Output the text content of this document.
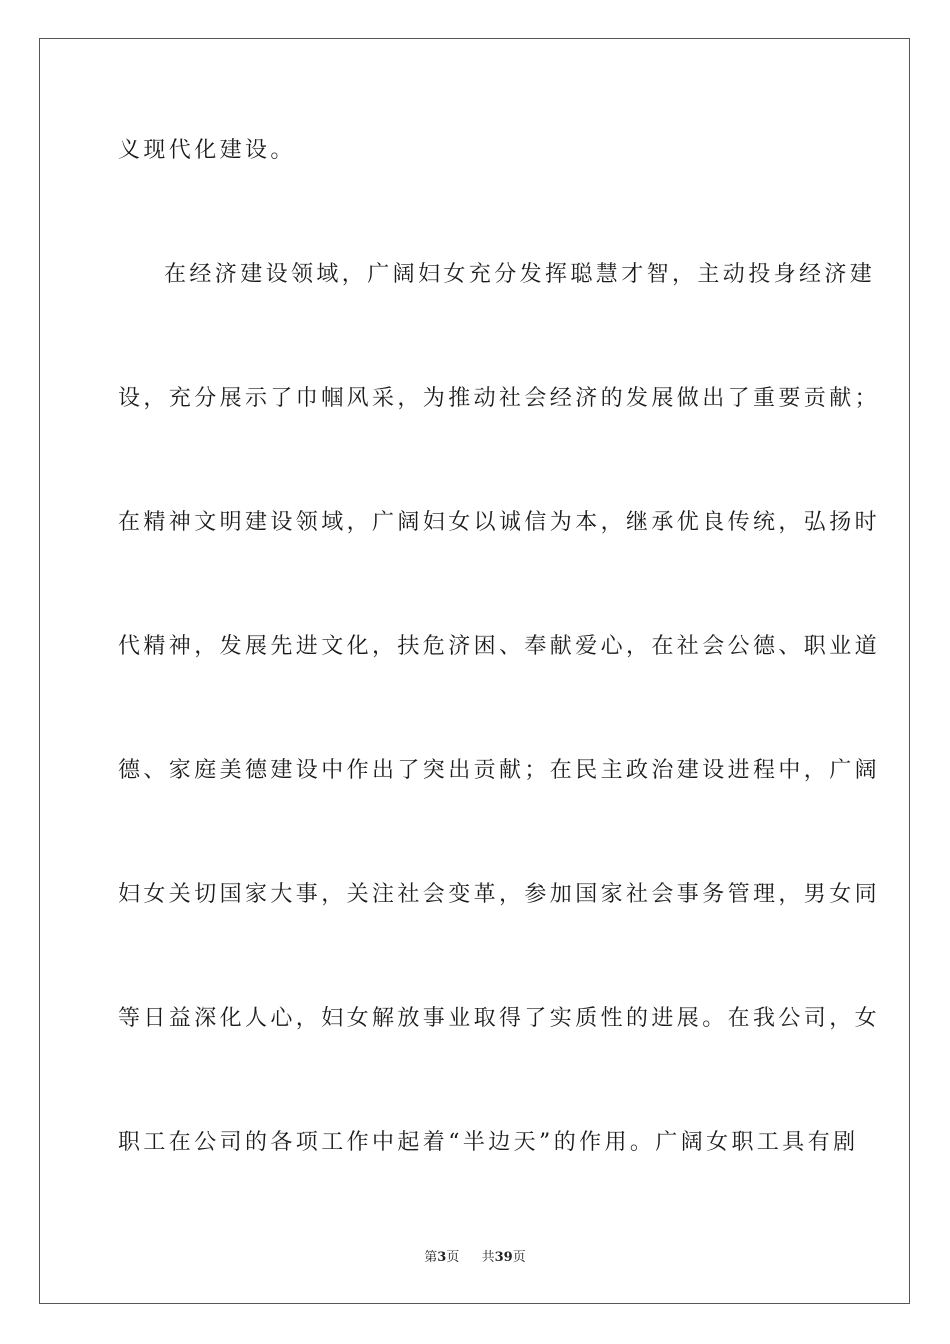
义现代化建设。

在经济建设领域，广阔妇女充分发挥聪慧才智，主动投身经济建

设，充分展示了巾帼风采，为推动社会经济的发展做出了重要贡献；

在精神文明建设领域，广阔妇女以诚信为本，继承优良传统，弘扬时

代精神，发展先进文化，扶危济困、奉献爱心，在社会公德、职业道

德、家庭美德建设中作出了突出贡献；在民主政治建设进程中，广阔

妇女关切国家大事，关注社会变革，参加国家社会事务管理，男女同

等日益深化人心，妇女解放事业取得了实质性的进展。在我公司，女

职工在公司的各项工作中起着“半边天”的作用。广阔女职工具有剧

第3页 共39页
